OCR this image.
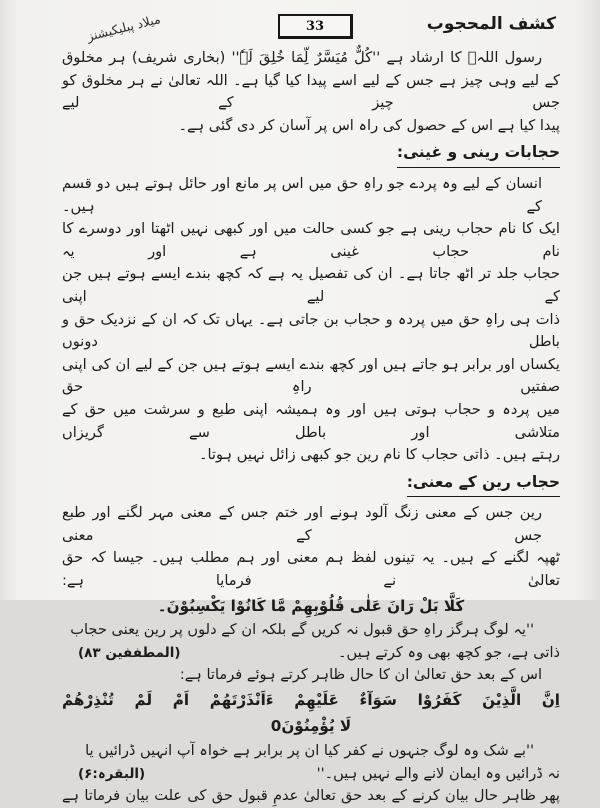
میلاد پبلیکیشنز	33	کشف المحجوب
رسول اللہﷺ کا ارشاد ہے ''کُلٌّ مُیَسَّرٌ لِّمَا خُلِقَ لَہٗ'' (بخاری شریف) ہر مخلوق
کے لیے وہی چیز ہے جس کے لیے اسے پیدا کیا گیا ہے۔ اللہ تعالیٰ نے ہر مخلوق کو جس چیز کے لیے
پیدا کیا ہے اس کے حصول کی راہ اس پر آسان کر دی گئی ہے۔
حجابات رینی و غینی:
انسان کے لیے وہ پردے جو راہِ حق میں اس پر مانع اور حائل ہوتے ہیں دو قسم کے ہیں۔
ایک کا نام حجاب رینی ہے جو کسی حالت میں اور کبھی نہیں اٹھتا اور دوسرے کا نام حجاب غینی ہے اور یہ
حجاب جلد تر اٹھ جاتا ہے۔ ان کی تفصیل یہ ہے کہ کچھ بندے ایسے ہوتے ہیں جن کے لیے اپنی
ذات ہی راہِ حق میں پردہ و حجاب بن جاتی ہے۔ یہاں تک کہ ان کے نزدیک حق و باطل دونوں
یکساں اور برابر ہو جاتے ہیں اور کچھ بندے ایسے ہوتے ہیں جن کے لیے ان کی اپنی صفتیں راہِ حق
میں پردہ و حجاب ہوتی ہیں اور وہ ہمیشہ اپنی طبع و سرشت میں حق کے متلاشی اور باطل سے گریزاں
رہتے ہیں۔ ذاتی حجاب کا نام رین جو کبھی زائل نہیں ہوتا۔
حجاب رین کے معنی:
رین جس کے معنی زنگ آلود ہونے اور ختم جس کے معنی مہر لگنے اور طبع جس کے معنی
ٹھپہ لگنے کے ہیں۔ یہ تینوں لفظ ہم معنی اور ہم مطلب ہیں۔ جیسا کہ حق تعالیٰ نے فرمایا ہے:
كَلَّا بَلْ رَانَ عَلٰی قُلُوْبِهِمْ مَّا كَانُوْا يَكْسِبُوْنَ۔
''یہ لوگ ہرگز راہِ حق قبول نہ کریں گے بلکہ ان کے دلوں پر رین یعنی حجاب
ذاتی ہے، جو کچھ بھی وہ کرتے ہیں۔
(المطففین ۸۳)
اس کے بعد حق تعالیٰ ان کا حال ظاہر کرتے ہوئے فرماتا ہے:
اِنَّ الَّذِيْنَ كَفَرُوْا سَوَآءٌ عَلَيْهِمْ ءَاَنْذَرْتَهُمْ اَمْ لَمْ تُنْذِرْهُمْ
لَا يُؤْمِنُوْنَ0
''بے شک وہ لوگ جنہوں نے کفر کیا ان پر برابر ہے خواہ آپ انہیں ڈرائیں یا
نہ ڈرائیں وہ ایمان لانے والے نہیں ہیں۔''
(البقرہ:۶)
پھر ظاہر حال بیان کرنے کے بعد حق تعالیٰ عدمِ قبول حق کی علت بیان فرماتا ہے
